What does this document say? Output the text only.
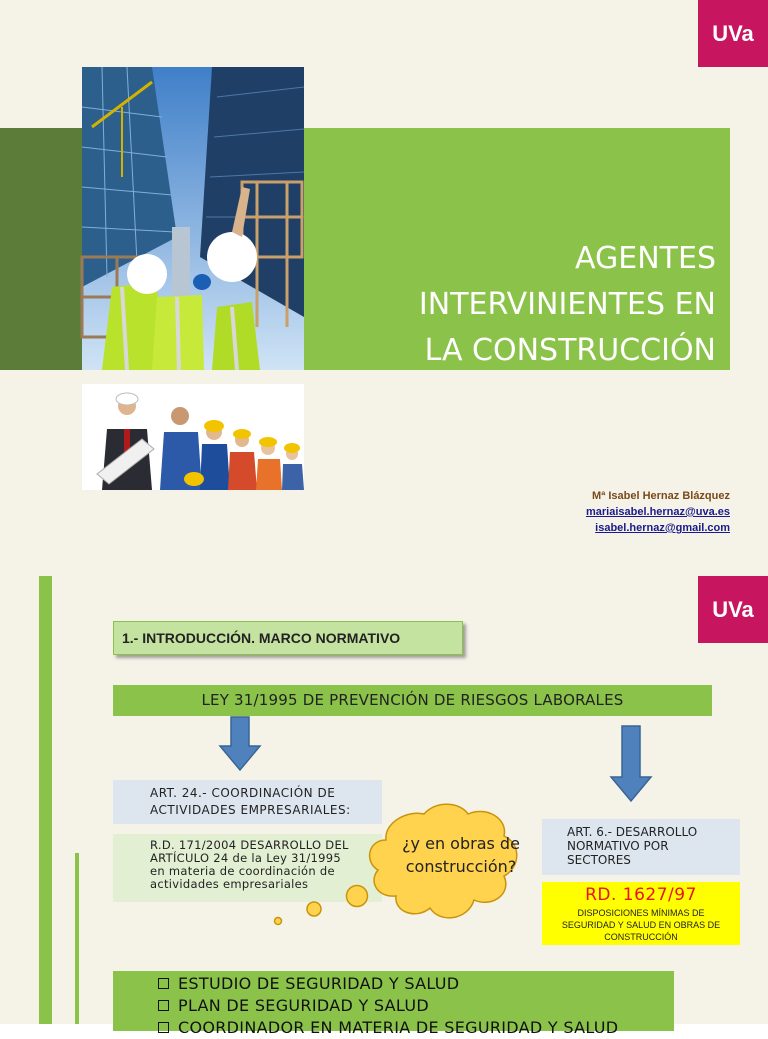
UVa
AGENTES
INTERVINIENTES EN
LA CONSTRUCCIÓN
Mª Isabel Hernaz Blázquez
mariaisabel.hernaz@uva.es
isabel.hernaz@gmail.com
UVa
1.- INTRODUCCIÓN. MARCO NORMATIVO
LEY 31/1995 DE PREVENCIÓN DE RIESGOS LABORALES
ART. 24.- COORDINACIÓN DE
ACTIVIDADES EMPRESARIALES:
R.D. 171/2004 DESARROLLO DEL
ARTÍCULO 24 de la Ley 31/1995
en materia de coordinación de
actividades empresariales
¿y en obras de
construcción?
ART. 6.- DESARROLLO
NORMATIVO POR
SECTORES
RD. 1627/97
DISPOSICIONES MÍNIMAS DE SEGURIDAD Y SALUD EN OBRAS DE CONSTRUCCIÓN
ESTUDIO DE SEGURIDAD Y SALUD
PLAN DE SEGURIDAD Y SALUD
COORDINADOR EN MATERIA DE SEGURIDAD Y SALUD
